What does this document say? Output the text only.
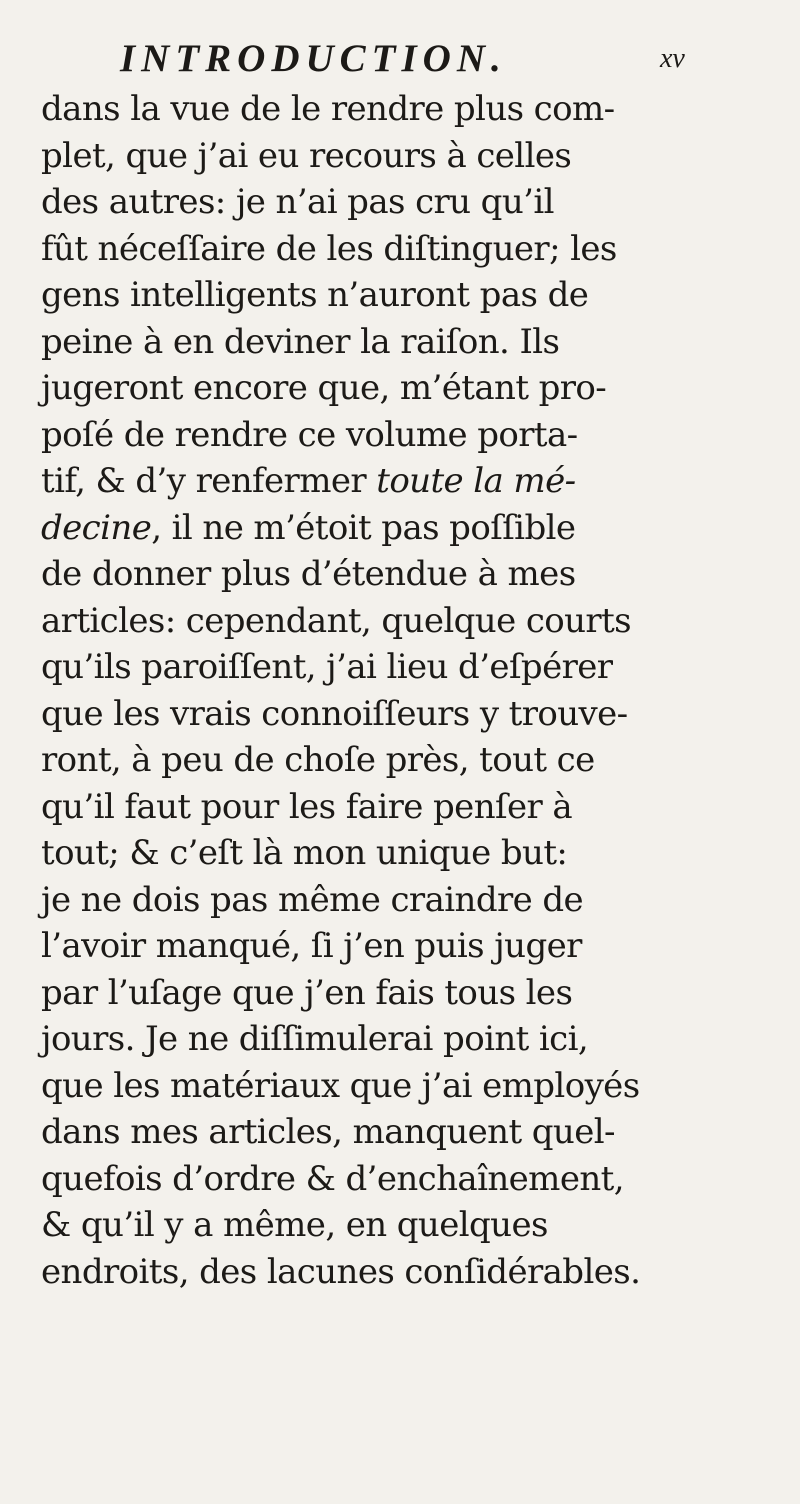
INTRODUCTION.	xv
dans la vue de le rendre plus com-
plet, que j’ai eu recours à celles
des autres: je n’ai pas cru qu’il
fût néceſſaire de les diſtinguer; les
gens intelligents n’auront pas de
peine à en deviner la raiſon. Ils
jugeront encore que, m’étant pro-
poſé de rendre ce volume porta-
tif, & d’y renfermer toute la mé-
decine, il ne m’étoit pas poſſible
de donner plus d’étendue à mes
articles: cependant, quelque courts
qu’ils paroiſſent, j’ai lieu d’eſpérer
que les vrais connoiſſeurs y trouve-
ront, à peu de choſe près, tout ce
qu’il faut pour les faire penſer à
tout; & c’eſt là mon unique but:
je ne dois pas même craindre de
l’avoir manqué, ſi j’en puis juger
par l’uſage que j’en fais tous les
jours. Je ne diſſimulerai point ici,
que les matériaux que j’ai employés
dans mes articles, manquent quel-
quefois d’ordre & d’enchaînement,
& qu’il y a même, en quelques
endroits, des lacunes conſidérables.
